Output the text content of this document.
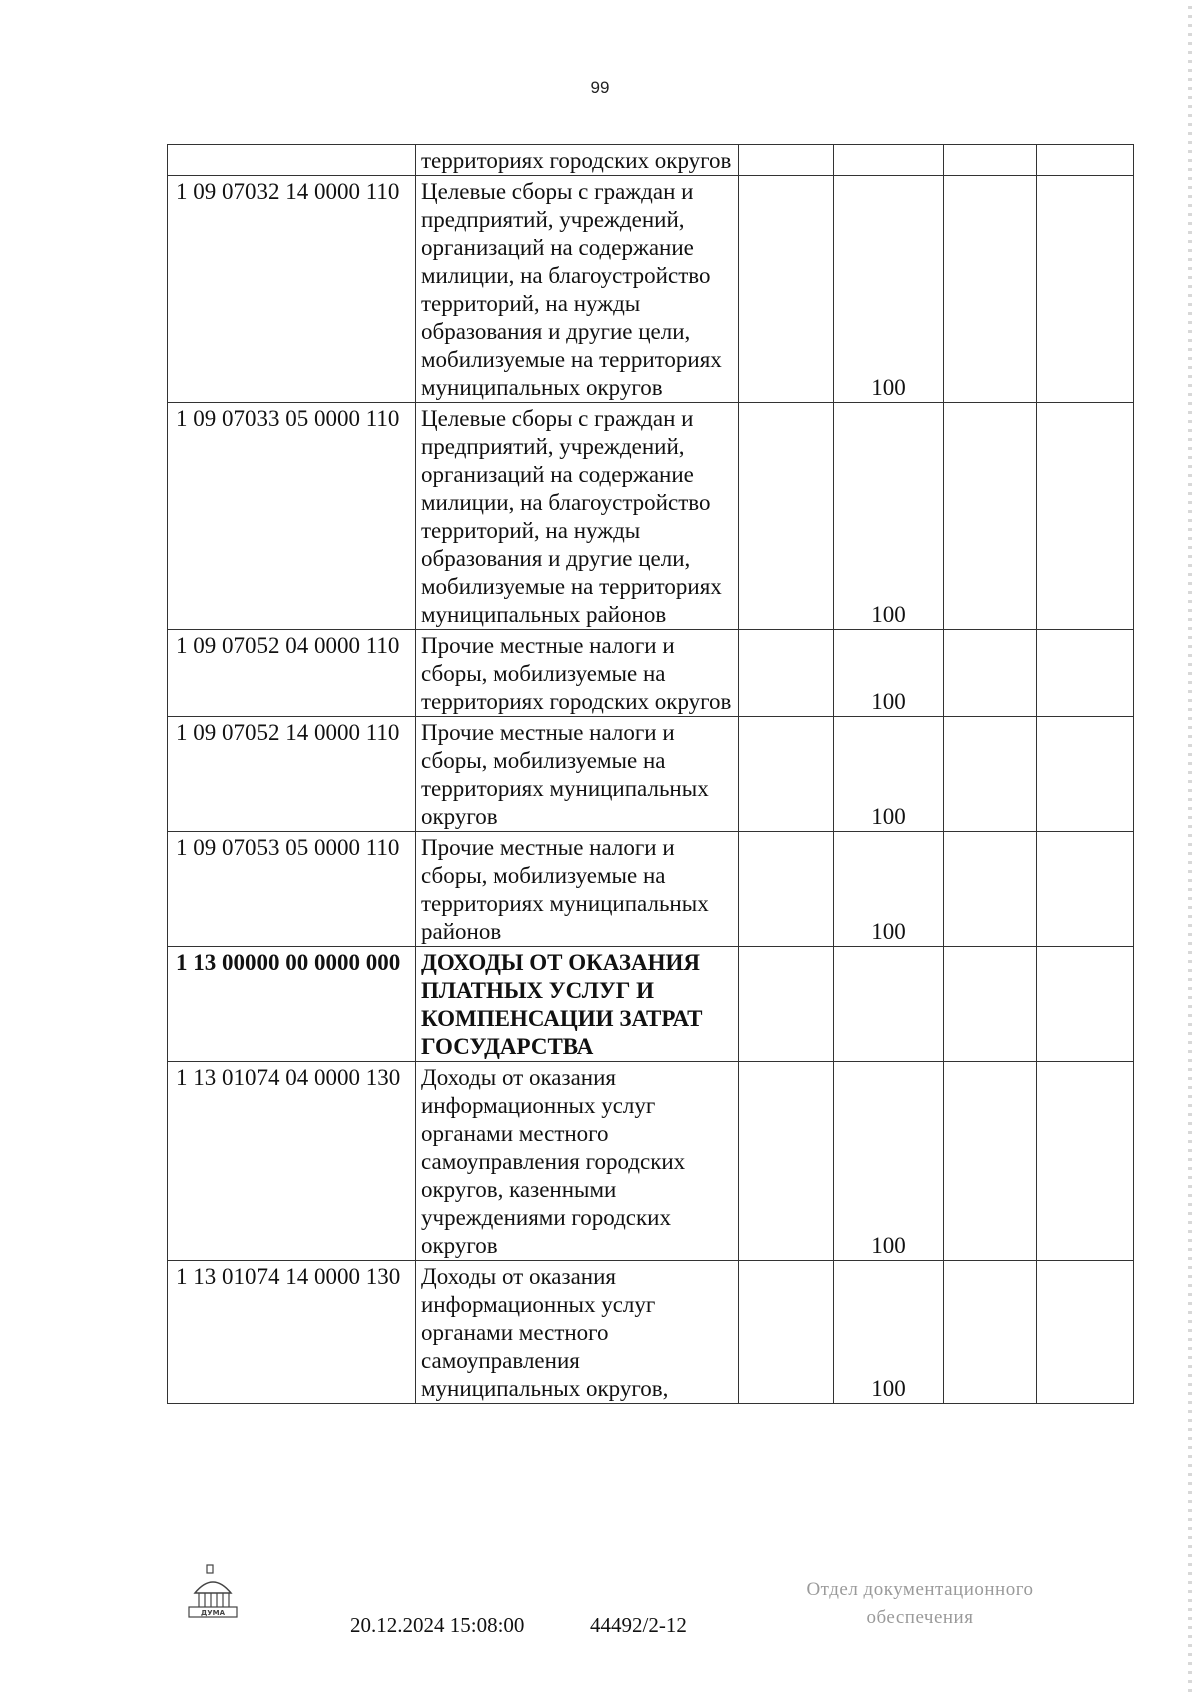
99
	территориях городских округов				
1 09 07032 14 0000 110	Целевые сборы с граждан и предприятий, учреждений, организаций на содержание милиции, на благоустройство территорий, на нужды образования и другие цели, мобилизуемые на территориях муниципальных округов		100		
1 09 07033 05 0000 110	Целевые сборы с граждан и предприятий, учреждений, организаций на содержание милиции, на благоустройство территорий, на нужды образования и другие цели, мобилизуемые на территориях муниципальных районов		100		
1 09 07052 04 0000 110	Прочие местные налоги и сборы, мобилизуемые на территориях городских округов		100		
1 09 07052 14 0000 110	Прочие местные налоги и сборы, мобилизуемые на территориях муниципальных округов		100		
1 09 07053 05 0000 110	Прочие местные налоги и сборы, мобилизуемые на территориях муниципальных районов		100		
1 13 00000 00 0000 000	ДОХОДЫ ОТ ОКАЗАНИЯ ПЛАТНЫХ УСЛУГ И КОМПЕНСАЦИИ ЗАТРАТ ГОСУДАРСТВА				
1 13 01074 04 0000 130	Доходы от оказания информационных услуг органами местного самоуправления городских округов, казенными учреждениями городских округов		100		
1 13 01074 14 0000 130	Доходы от оказания информационных услуг органами местного самоуправления муниципальных округов,		100		
ДУМА	20.12.2024 15:08:00	44492/2-12
Отдел документационного
обеспечения
